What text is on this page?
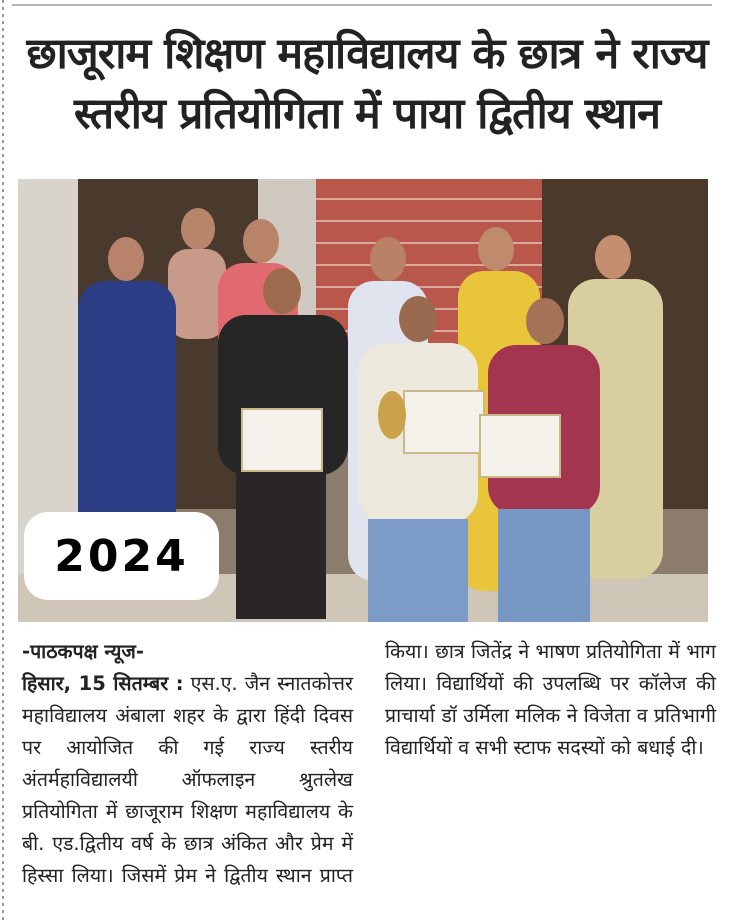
छाजूराम शिक्षण महाविद्यालय के छात्र ने राज्य
स्तरीय प्रतियोगिता में पाया द्वितीय स्थान
2024

-पाठकपक्ष न्यूज-

हिसार, 15 सितम्बर : एस.ए. जैन स्नातकोत्तर महाविद्यालय अंबाला शहर के द्वारा हिंदी दिवस पर आयोजित की गई राज्य स्तरीय अंतर्महाविद्यालयी ऑफलाइन श्रुतलेख प्रतियोगिता में छाजूराम शिक्षण महाविद्यालय के बी. एड.द्वितीय वर्ष के छात्र अंकित और प्रेम में हिस्सा लिया। जिसमें प्रेम ने द्वितीय स्थान प्राप्त किया। छात्र जितेंद्र ने भाषण प्रतियोगिता में भाग लिया। विद्यार्थियों की उपलब्धि पर कॉलेज की प्राचार्या डॉ उर्मिला मलिक ने विजेता व प्रतिभागी विद्यार्थियों व सभी स्टाफ सदस्यों को बधाई दी।
